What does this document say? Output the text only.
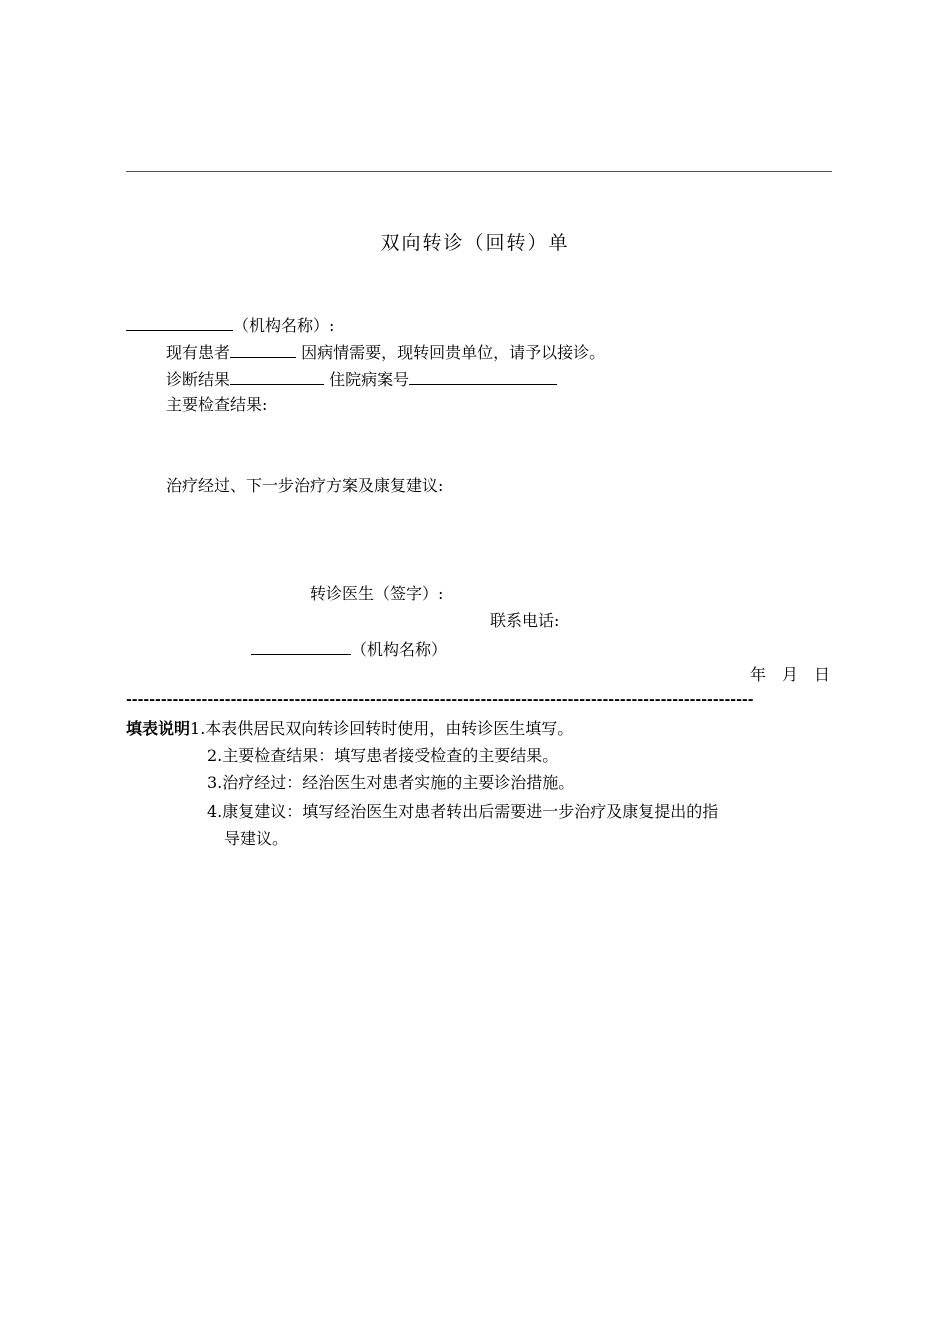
双向转诊（回转）单
（机构名称）:
现有患者	因病情需要，现转回贵单位，请予以接诊。
诊断结果	住院病案号
主要检查结果:
治疗经过、下一步治疗方案及康复建议:
转诊医生（签字）:
联系电话:
（机构名称）
年　月　日
------------------------------------------------------------------------------------------------------------
填表说明1.本表供居民双向转诊回转时使用，由转诊医生填写。
2.主要检查结果：填写患者接受检查的主要结果。
3.治疗经过：经治医生对患者实施的主要诊治措施。
4.康复建议：填写经治医生对患者转出后需要进一步治疗及康复提出的指
导建议。
